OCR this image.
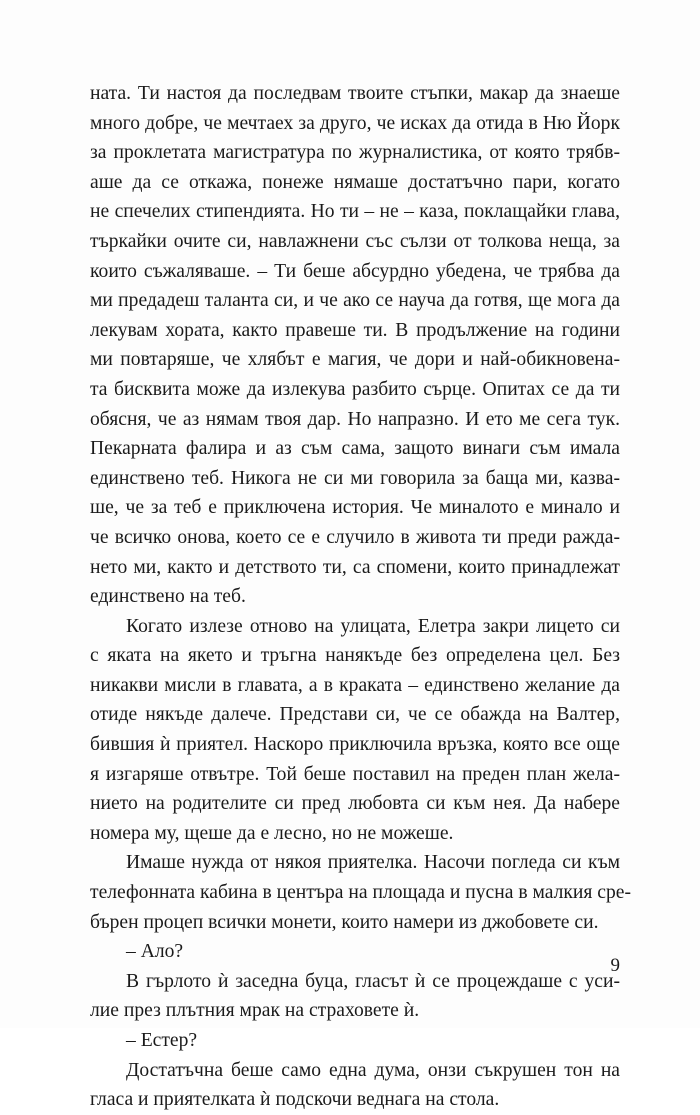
ната. Ти настоя да последвам твоите стъпки, макар да знаеше
много добре, че мечтаех за друго, че исках да отида в Ню Йорк
за проклетата магистратура по журналистика, от която трябв-
аше да се откажа, понеже нямаше достатъчно пари, когато
не спечелих стипендията. Но ти – не – каза, поклащайки глава,
търкайки очите си, навлажнени със сълзи от толкова неща, за
които съжаляваше. – Ти беше абсурдно убедена, че трябва да
ми предадеш таланта си, и че ако се науча да готвя, ще мога да
лекувам хората, както правеше ти. В продължение на години
ми повтаряше, че хлябът е магия, че дори и най-обикновена-
та бисквита може да излекува разбито сърце. Опитах се да ти
обясня, че аз нямам твоя дар. Но напразно. И ето ме сега тук.
Пекарната фалира и аз съм сама, защото винаги съм имала
единствено теб. Никога не си ми говорила за баща ми, казва-
ше, че за теб е приключена история. Че миналото е минало и
че всичко онова, което се е случило в живота ти преди ражда-
нето ми, както и детството ти, са спомени, които принадлежат
единствено на теб.
Когато излезе отново на улицата, Елетра закри лицето си
с яката на якето и тръгна нанякъде без определена цел. Без
никакви мисли в главата, а в краката – единствено желание да
отиде някъде далече. Представи си, че се обажда на Валтер,
бившия ѝ приятел. Наскоро приключила връзка, която все още
я изгаряше отвътре. Той беше поставил на преден план жела-
нието на родителите си пред любовта си към нея. Да набере
номера му, щеше да е лесно, но не можеше.
Имаше нужда от някоя приятелка. Насочи погледа си към
телефонната кабина в центъра на площада и пусна в малкия сре-
бърен процеп всички монети, които намери из джобовете си.
– Ало?
В гърлото ѝ заседна буца, гласът ѝ се процеждаше с уси-
лие през плътния мрак на страховете ѝ.
– Естер?
Достатъчна беше само една дума, онзи съкрушен тон на
гласа и приятелката ѝ подскочи веднага на стола.
9
